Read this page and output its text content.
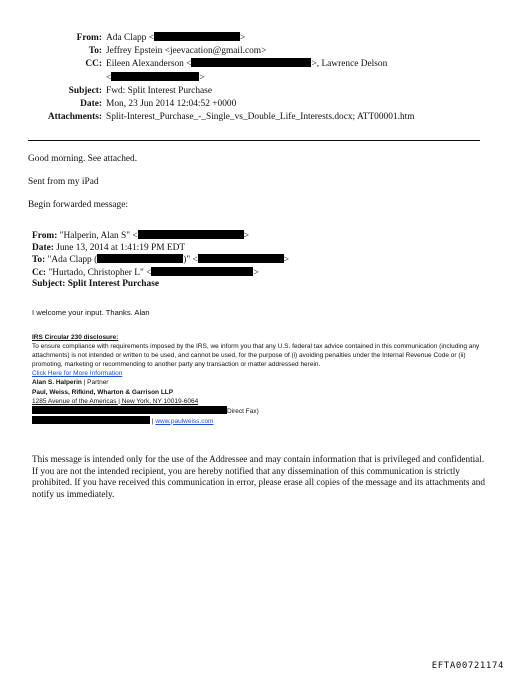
From: Ada Clapp <	>
To: Jeffrey Epstein <jeevacation@gmail.com>
CC: Eileen Alexanderson <	>, Lawrence Delson
<	>
Subject: Fwd: Split Interest Purchase
Date: Mon, 23 Jun 2014 12:04:52 +0000
Attachments: Split-Interest_Purchase_-_Single_vs_Double_Life_Interests.docx; ATT00001.htm
Good morning. See attached.
Sent from my iPad
Begin forwarded message:
From: "Halperin, Alan S" <	>
Date: June 13, 2014 at 1:41:19 PM EDT
To: "Ada Clapp (	)" <	>
Cc: "Hurtado, Christopher L" <	>
Subject: Split Interest Purchase
I welcome your input. Thanks. Alan
IRS Circular 230 disclosure:
To ensure compliance with requirements imposed by the IRS, we inform you that any U.S. federal tax advice contained in this communication (including any attachments) is not intended or written to be used, and cannot be used, for the purpose of (i) avoiding penalties under the Internal Revenue Code or (ii) promoting, marketing or recommending to another party any transaction or matter addressed herein.
Click Here for More Information
Alan S. Halperin | Partner
Paul, Weiss, Rifkind, Wharton & Garrison LLP
1285 Avenue of the Americas | New York, NY 10019-6064
Direct Fax)
| www.paulweiss.com
This message is intended only for the use of the Addressee and may contain information that is privileged and confidential. If you are not the intended recipient, you are hereby notified that any dissemination of this communication is strictly prohibited. If you have received this communication in error, please erase all copies of the message and its attachments and notify us immediately.
EFTA00721174
